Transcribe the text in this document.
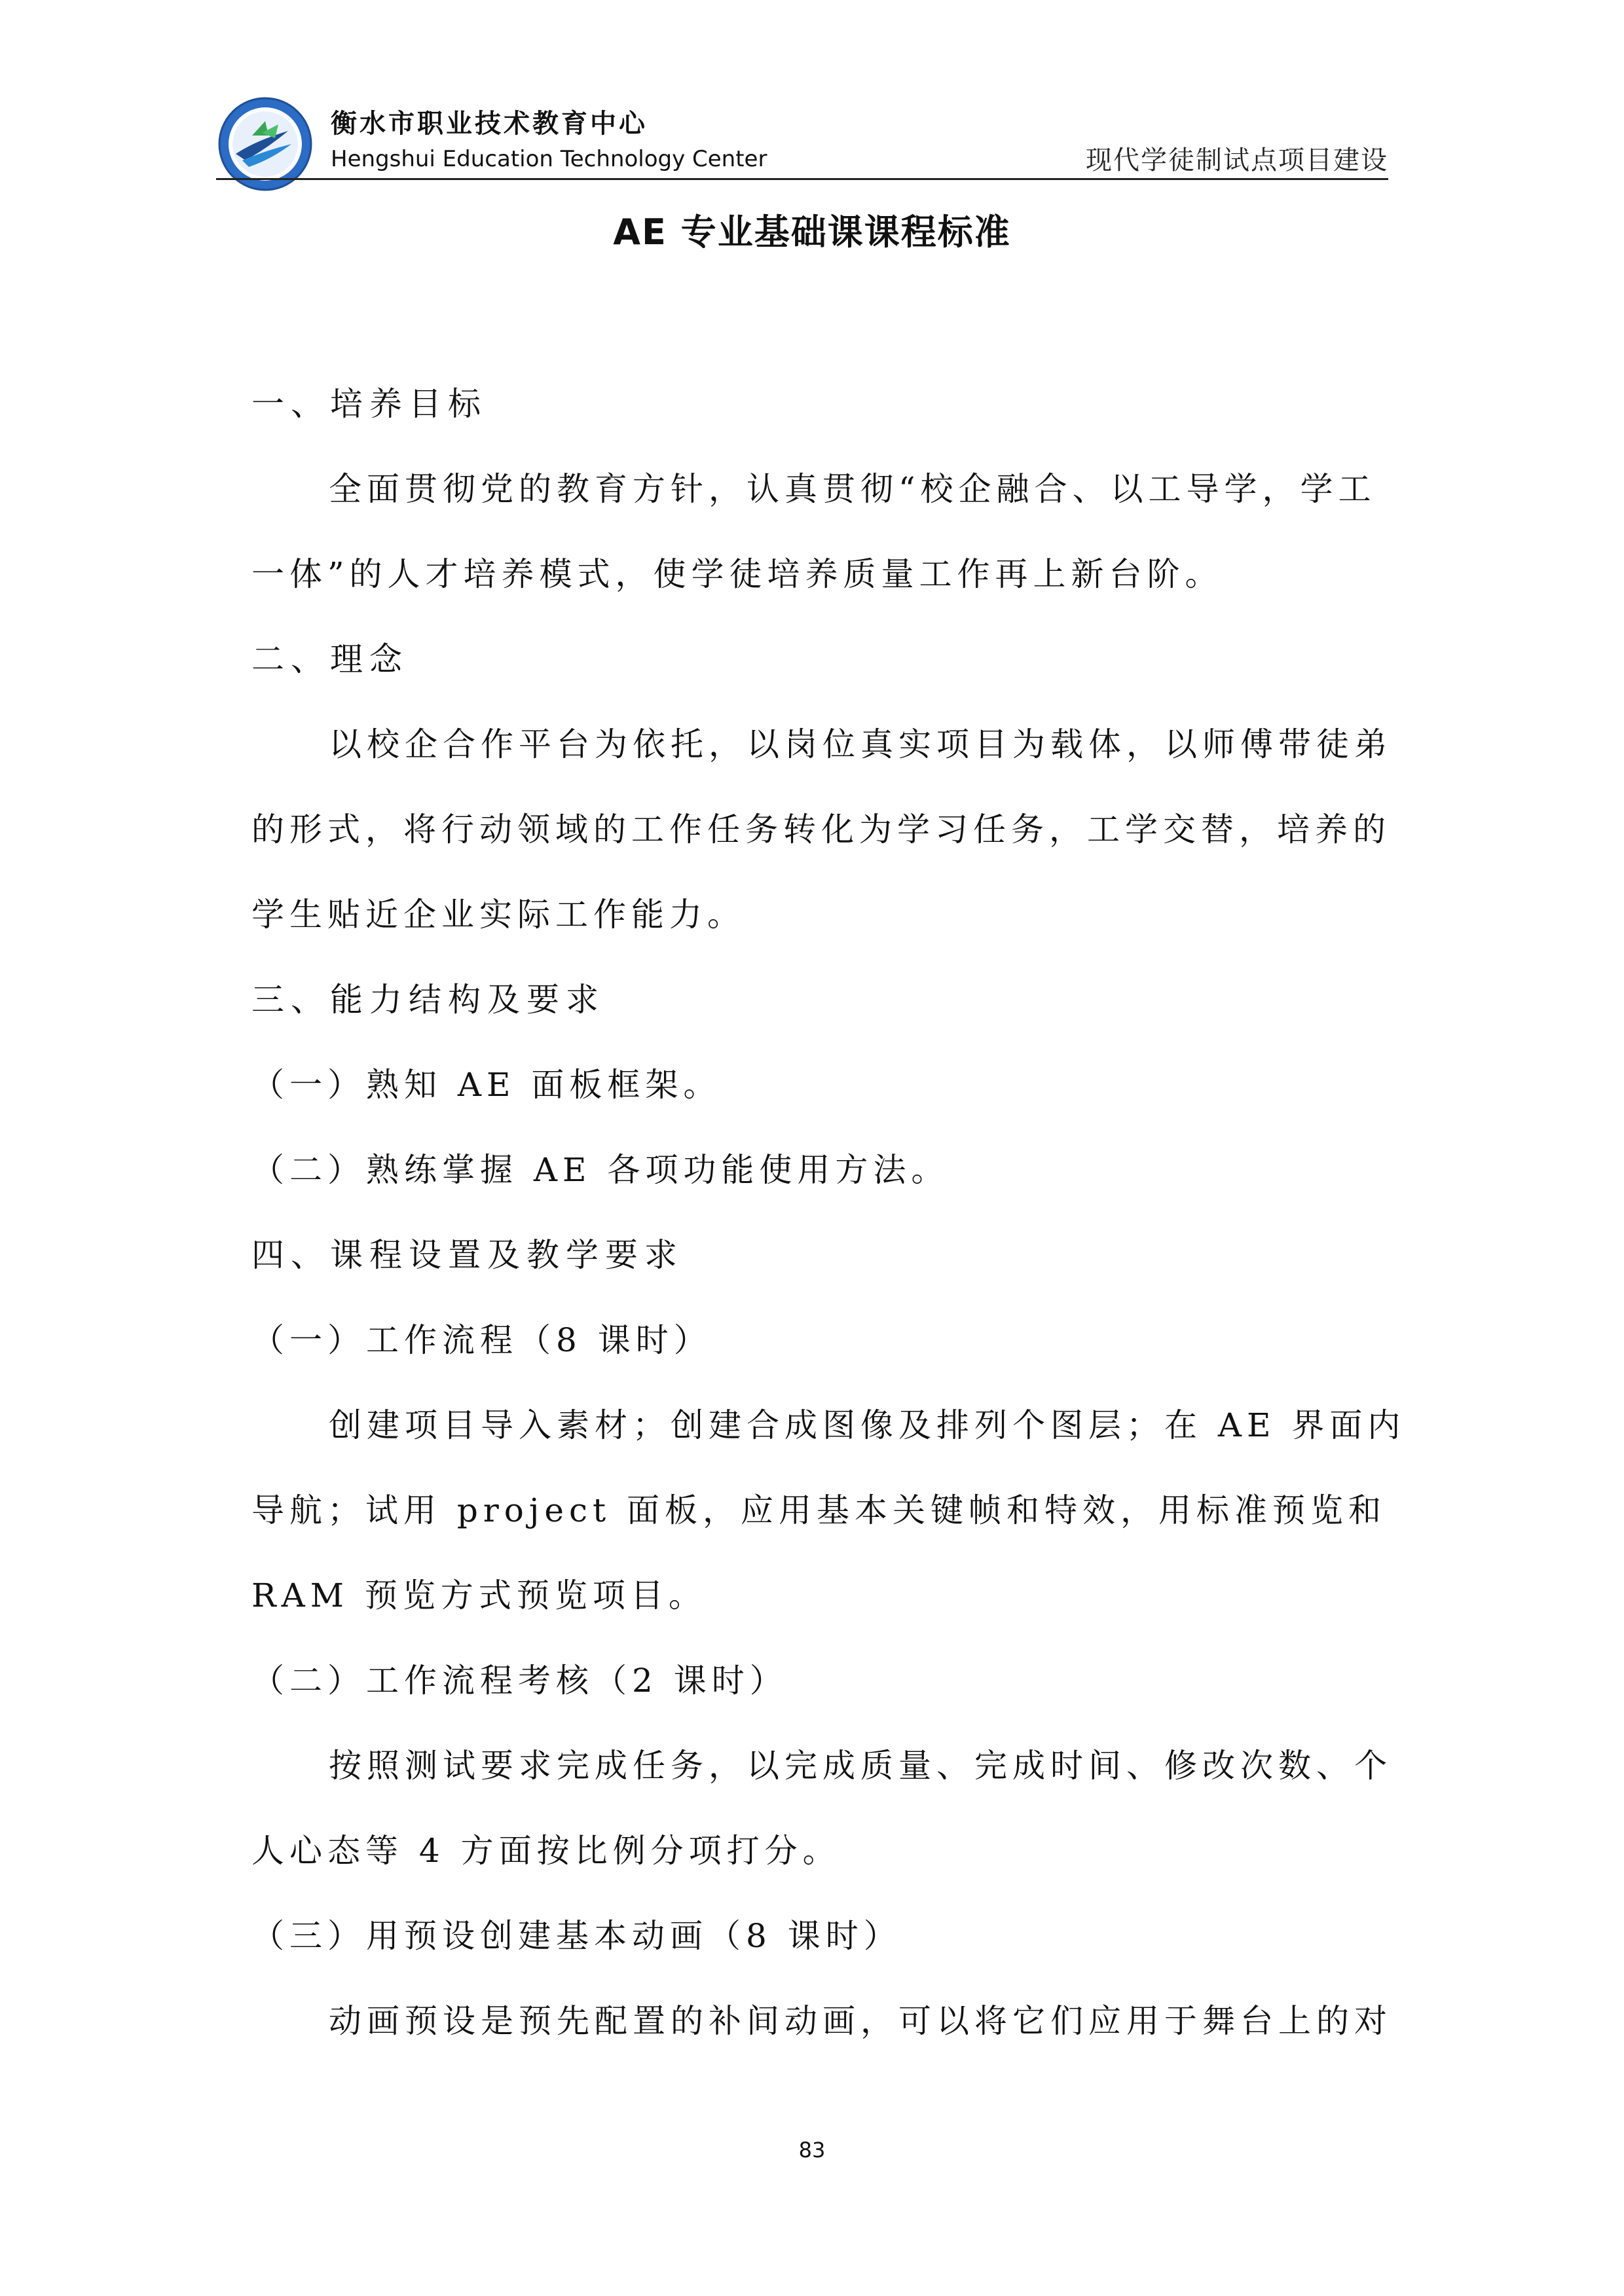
衡水市职业技术教育中心
Hengshui Education Technology Center	现代学徒制试点项目建设
AE 专业基础课课程标准

一、培养目标

全面贯彻党的教育方针，认真贯彻“校企融合、以工导学，学工

一体”的人才培养模式，使学徒培养质量工作再上新台阶。

二、理念

以校企合作平台为依托，以岗位真实项目为载体，以师傅带徒弟

的形式，将行动领域的工作任务转化为学习任务，工学交替，培养的

学生贴近企业实际工作能力。

三、能力结构及要求

（一）熟知 AE 面板框架。

（二）熟练掌握 AE 各项功能使用方法。

四、课程设置及教学要求

（一）工作流程（8 课时）

创建项目导入素材；创建合成图像及排列个图层；在 AE 界面内

导航；试用 project 面板，应用基本关键帧和特效，用标准预览和

RAM 预览方式预览项目。

（二）工作流程考核（2 课时）

按照测试要求完成任务，以完成质量、完成时间、修改次数、个

人心态等 4 方面按比例分项打分。

（三）用预设创建基本动画（8 课时）

动画预设是预先配置的补间动画，可以将它们应用于舞台上的对

83
